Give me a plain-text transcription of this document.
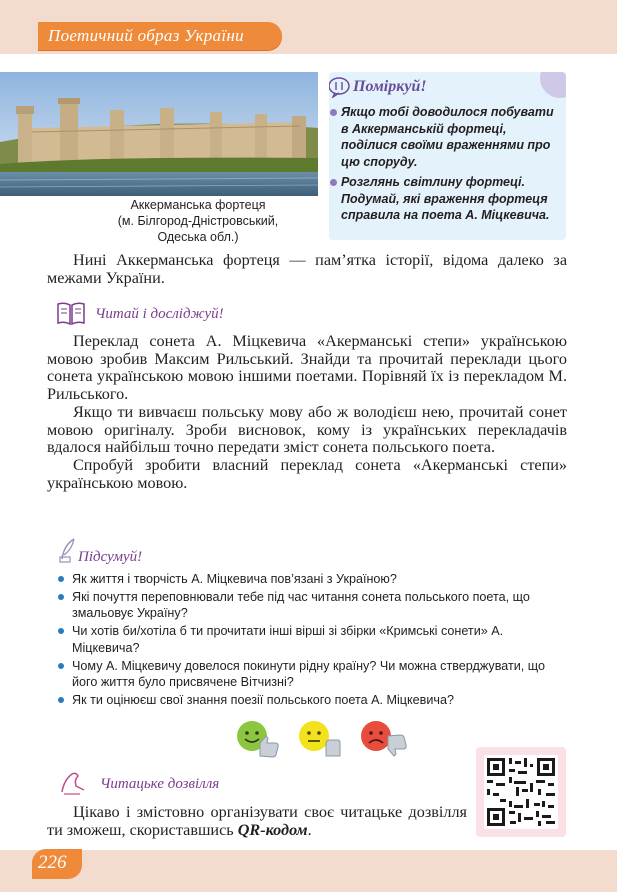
Поетичний образ України
Аккерманська фортеця
(м. Білгород-Дністровський,
Одеська обл.)
Поміркуй!
Якщо тобі доводилося побувати в Аккерманській фортеці, поділися своїми враженнями про цю споруду.
Розглянь світлину фортеці. Подумай, які враження фортеця справила на поета А. Міцкевича.

Нині Аккерманська фортеця — пам’ятка історії, відома далеко за межами України.

Читай і досліджуй!

Переклад сонета А. Міцкевича «Акерманські степи» українською мовою зробив Максим Рильський. Знайди та прочитай переклади цього сонета українською мовою іншими поетами. Порівняй їх із перекладом М. Рильського.

Якщо ти вивчаєш польську мову або ж володієш нею, прочитай сонет мовою оригіналу. Зроби висновок, кому із українських перекладачів вдалося найбільш точно передати зміст сонета польського поета.

Спробуй зробити власний переклад сонета «Акерманські степи» українською мовою.

Підсумуй!
Як життя і творчість А. Міцкевича пов’язані з Україною?
Які почуття переповнювали тебе під час читання сонета польського поета, що змальовує Україну?
Чи хотів би/хотіла б ти прочитати інші вірші зі збірки «Кримські сонети» А. Міцкевича?
Чому А. Міцкевичу довелося покинути рідну країну? Чи можна стверджувати, що його життя було присвячене Вітчизні?
Як ти оцінюєш свої знання поезії польського поета А. Міцкевича?
Читацьке дозвілля

Цікаво і змістовно організувати своє читацьке дозвілля ти зможеш, скориставшись QR-кодом.

226
